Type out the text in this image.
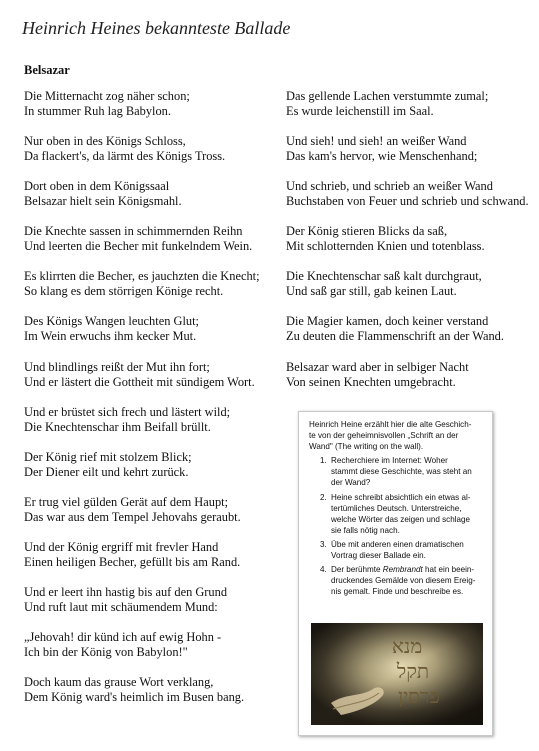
Heinrich Heines bekannteste Ballade
Belsazar
Die Mitternacht zog näher schon;
In stummer Ruh lag Babylon.
Nur oben in des Königs Schloss,
Da flackert's, da lärmt des Königs Tross.
Dort oben in dem Königssaal
Belsazar hielt sein Königsmahl.
Die Knechte sassen in schimmernden Reihn
Und leerten die Becher mit funkelndem Wein.
Es klirrten die Becher, es jauchzten die Knecht;
So klang es dem störrigen Könige recht.
Des Königs Wangen leuchten Glut;
Im Wein erwuchs ihm kecker Mut.
Und blindlings reißt der Mut ihn fort;
Und er lästert die Gottheit mit sündigem Wort.
Und er brüstet sich frech und lästert wild;
Die Knechtenschar ihm Beifall brüllt.
Der König rief mit stolzem Blick;
Der Diener eilt und kehrt zurück.
Er trug viel gülden Gerät auf dem Haupt;
Das war aus dem Tempel Jehovahs geraubt.
Und der König ergriff mit frevler Hand
Einen heiligen Becher, gefüllt bis am Rand.
Und er leert ihn hastig bis auf den Grund
Und ruft laut mit schäumendem Mund:
„Jehovah! dir künd ich auf ewig Hohn -
Ich bin der König von Babylon!"
Doch kaum das grause Wort verklang,
Dem König ward's heimlich im Busen bang.
Das gellende Lachen verstummte zumal;
Es wurde leichenstill im Saal.
Und sieh! und sieh! an weißer Wand
Das kam's hervor, wie Menschenhand;
Und schrieb, und schrieb an weißer Wand
Buchstaben von Feuer und schrieb und schwand.
Der König stieren Blicks da saß,
Mit schlotternden Knien und totenblass.
Die Knechtenschar saß kalt durchgraut,
Und saß gar still, gab keinen Laut.
Die Magier kamen, doch keiner verstand
Zu deuten die Flammenschrift an der Wand.
Belsazar ward aber in selbiger Nacht
Von seinen Knechten umgebracht.
Heinrich Heine erzählt hier die alte Geschich-
te von der geheimnisvollen „Schrift an der
Wand" (The writing on the wall).
1. Recherchiere im Internet: Woher
stammt diese Geschichte, was steht an
der Wand?
2. Heine schreibt absichtlich ein etwas al-
tertümliches Deutsch. Unterstreiche,
welche Wörter das zeigen und schlage
sie falls nötig nach.
3. Übe mit anderen einen dramatischen
Vortrag dieser Ballade ein.
4. Der berühmte Rembrandt hat ein beein-
druckendes Gemälde von diesem Ereig-
nis gemalt. Finde und beschreibe es.
מנא
תקל
פרסין
